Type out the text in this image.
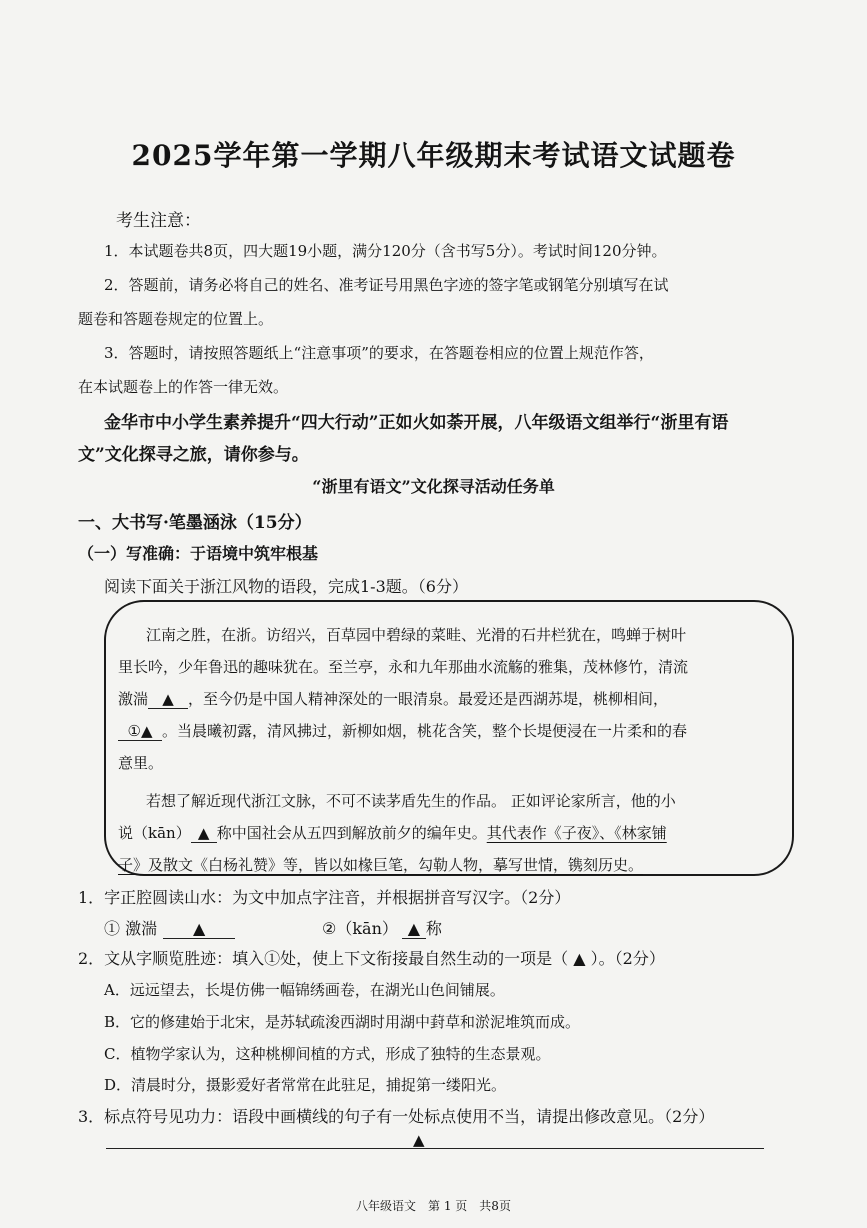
2025学年第一学期八年级期末考试语文试题卷
考生注意：
1．本试题卷共8页，四大题19小题，满分120分（含书写5分）。考试时间120分钟。
2．答题前，请务必将自己的姓名、准考证号用黑色字迹的签字笔或钢笔分别填写在试
题卷和答题卷规定的位置上。
3．答题时，请按照答题纸上“注意事项”的要求，在答题卷相应的位置上规范作答，
在本试题卷上的作答一律无效。
金华市中小学生素养提升“四大行动”正如火如荼开展，八年级语文组举行“浙里有语
文”文化探寻之旅，请你参与。
“浙里有语文”文化探寻活动任务单
一、大书写·笔墨涵泳（15分）
（一）写准确：于语境中筑牢根基
阅读下面关于浙江风物的语段，完成1-3题。（6分）
江南之胜，在浙。访绍兴，百草园中碧绿的菜畦、光滑的石井栏犹在，鸣蝉于树叶
里长吟，少年鲁迅的趣味犹在。至兰亭，永和九年那曲水流觞的雅集，茂林修竹，清流
激湍 ▲ ，至今仍是中国人精神深处的一眼清泉。最爱还是西湖苏堤，桃柳相间，
①▲ 。当晨曦初露，清风拂过，新柳如烟，桃花含笑，整个长堤便浸在一片柔和的春
意里。
若想了解近现代浙江文脉，不可不读茅盾先生的作品。 正如评论家所言，他的小
说（kān） ▲ 称中国社会从五四到解放前夕的编年史。其代表作《子夜》、《林家铺
子》及散文《白杨礼赞》等，皆以如椽巨笔，勾勒人物，摹写世情，镌刻历史。
1．字正腔圆读山水：为文中加点字注音，并根据拼音写汉字。（2分）
① 激湍 ▲	②（kān） ▲ 称
2．文从字顺览胜迹：填入①处，使上下文衔接最自然生动的一项是（ ▲ ）。（2分）
A．远远望去，长堤仿佛一幅锦绣画卷，在湖光山色间铺展。
B．它的修建始于北宋，是苏轼疏浚西湖时用湖中葑草和淤泥堆筑而成。
C．植物学家认为，这种桃柳间植的方式，形成了独特的生态景观。
D．清晨时分，摄影爱好者常常在此驻足，捕捉第一缕阳光。
3．标点符号见功力：语段中画横线的句子有一处标点使用不当，请提出修改意见。（2分）
▲
八年级语文　第 1 页　共8页
